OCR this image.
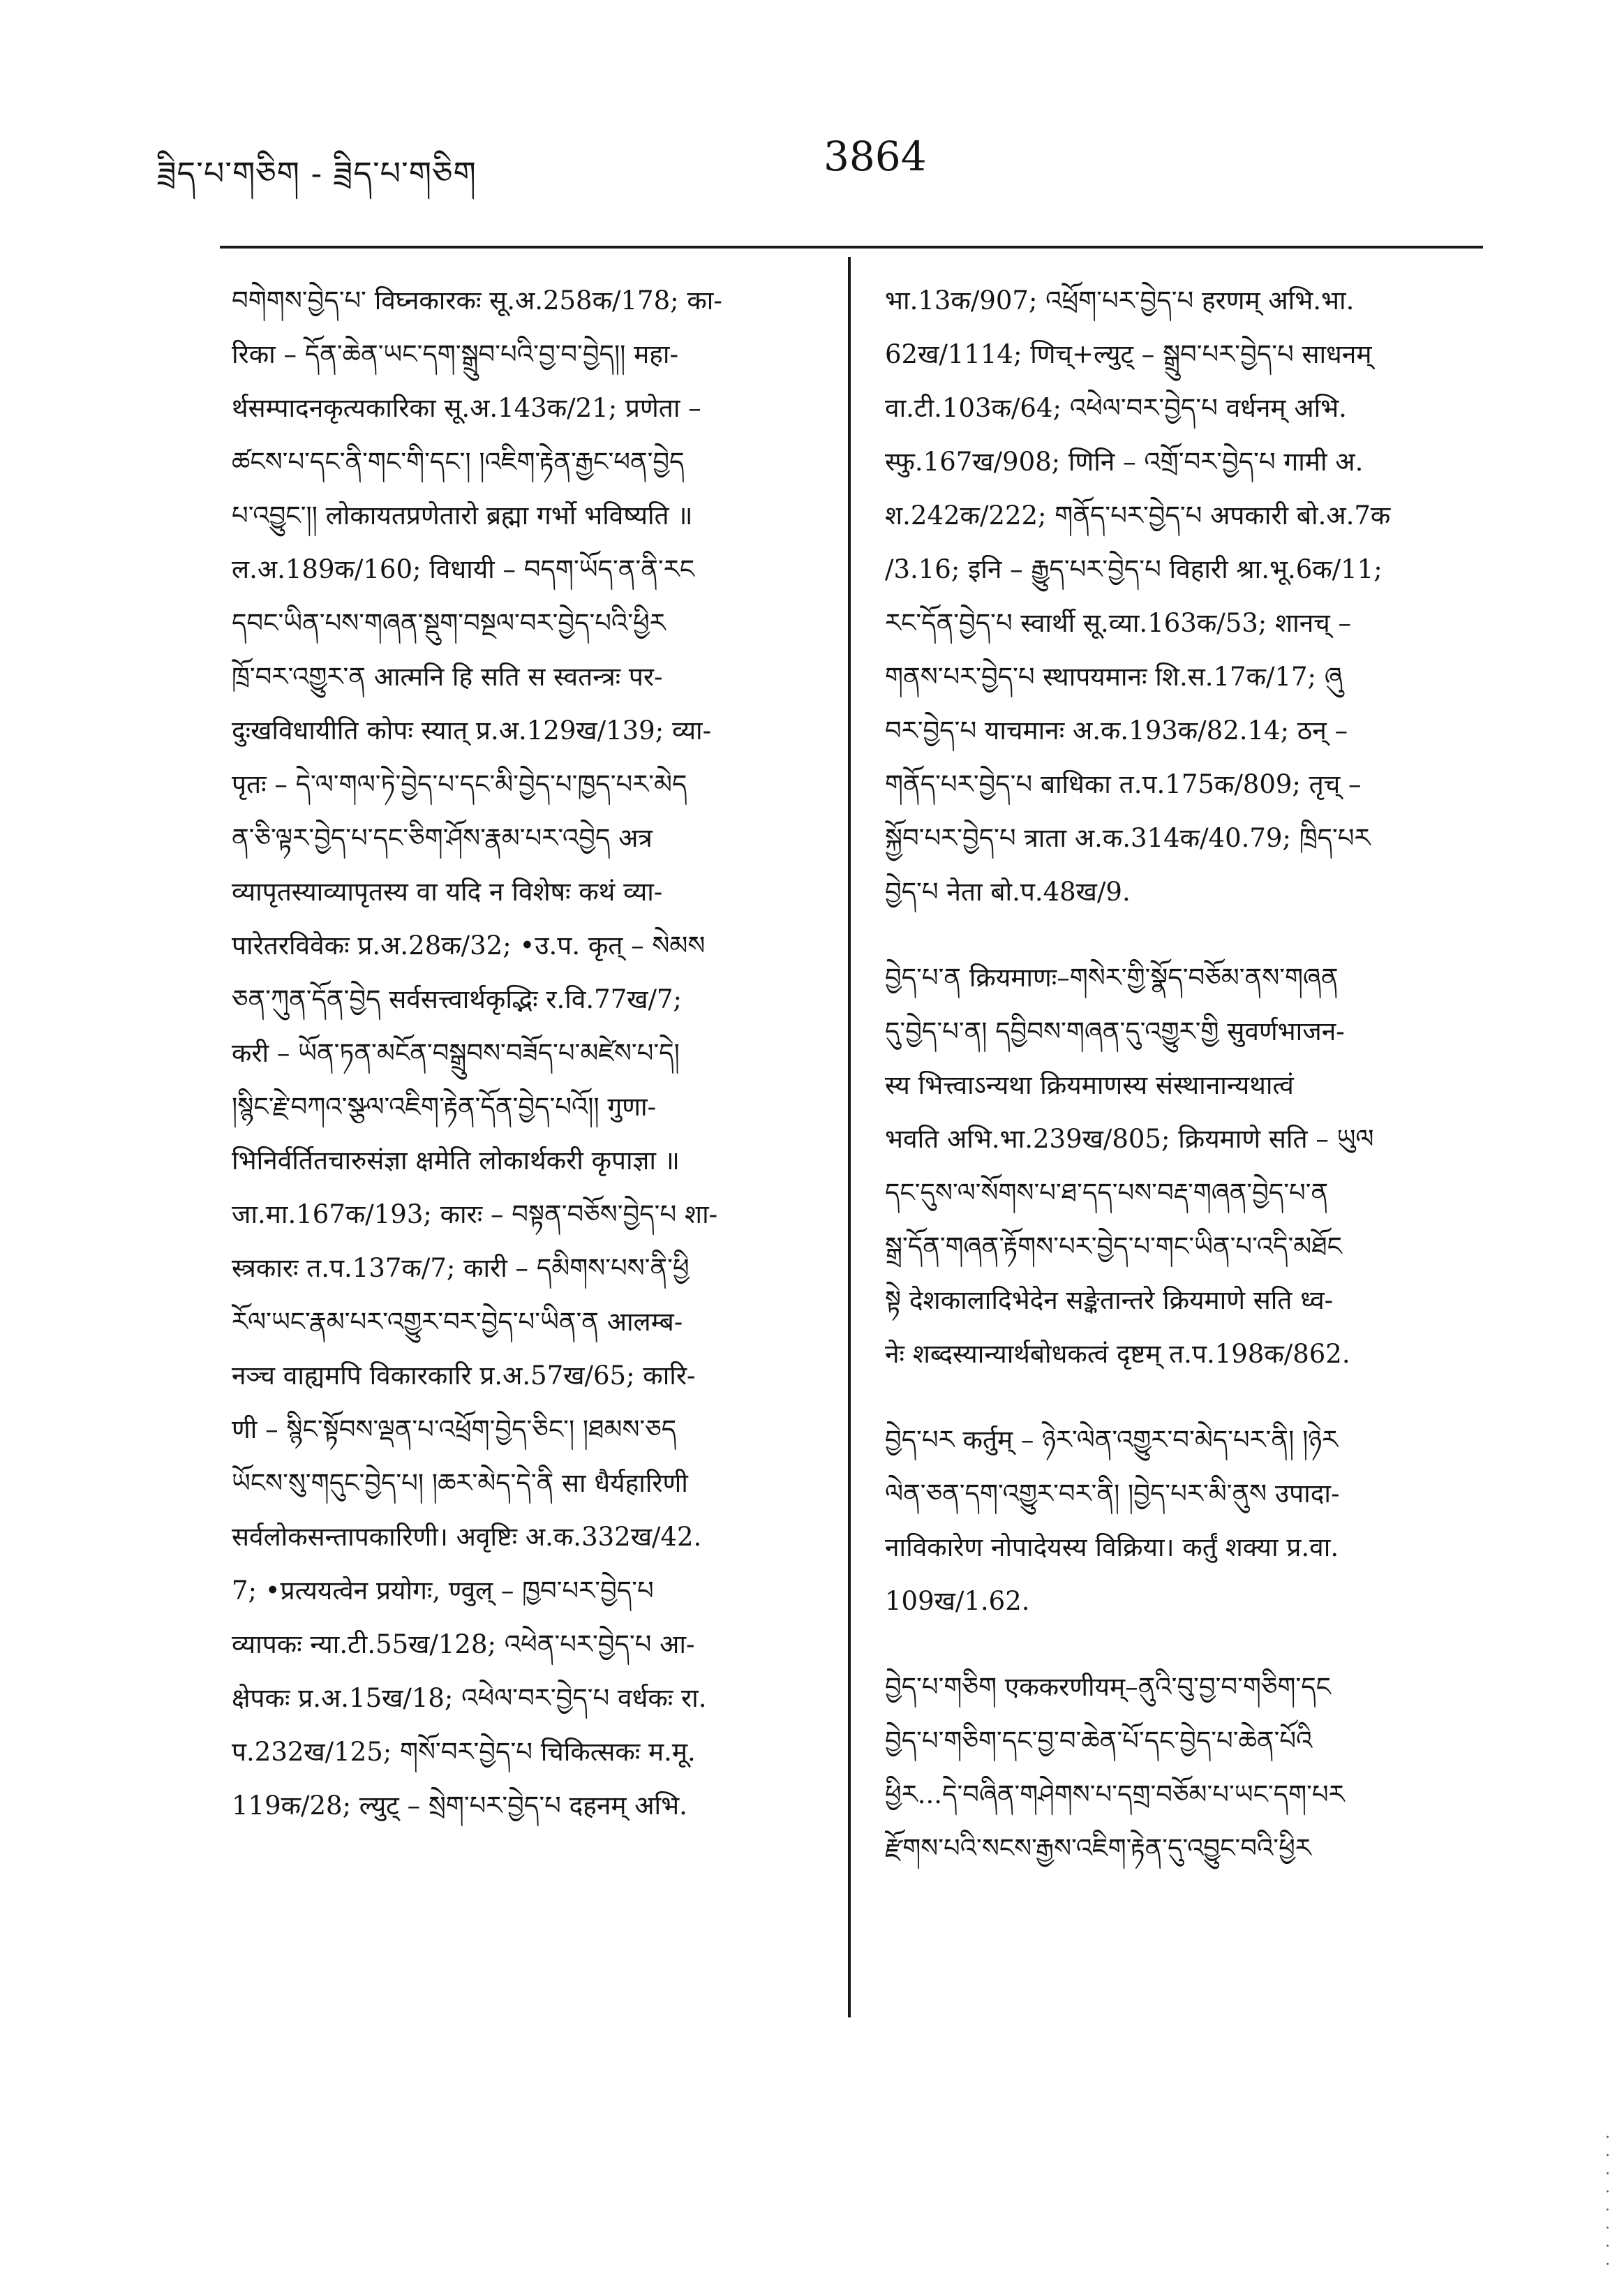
ཟྲིད་པ་གཅིག - ཟྲིད་པ་གཅིག	3864
བགེགས་བྱེད་པ་ विघ्नकारकः सू.अ.258क/178; का-
रिका – དོན་ཆེན་ཡང་དག་སྒྲུབ་པའི་བྱ་བ་བྱེད།། महा-
र्थसम्पादनकृत्यकारिका सू.अ.143क/21; प्रणेता –
ཚངས་པ་དང་ནི་གང་གི་དང་། །འཇིག་རྟེན་རྒྱང་ཕན་བྱེད
པ་འབྱུང་།། लोकायतप्रणेतारो ब्रह्मा गर्भो भविष्यति ॥
ल.अ.189क/160; विधायी – བདག་ཡོད་ན་ནི་རང
དབང་ཡིན་པས་གཞན་སྡུག་བསྔལ་བར་བྱེད་པའི་ཕྱིར
ཁྲོ་བར་འགྱུར་ན आत्मनि हि सति स स्वतन्त्रः पर-
दुःखविधायीति कोपः स्यात् प्र.अ.129ख/139; व्या-
पृतः – དེ་ལ་གལ་ཏེ་བྱེད་པ་དང་མི་བྱེད་པ་ཁྱད་པར་མེད
ན་ཅི་ལྟར་བྱེད་པ་དང་ཅིག་ཤོས་རྣམ་པར་འབྱེད अत्र
व्यापृतस्याव्यापृतस्य वा यदि न विशेषः कथं व्या-
पारेतरविवेकः प्र.अ.28क/32; •उ.प. कृत् – སེམས
ཅན་ཀུན་དོན་བྱེད सर्वसत्त्वार्थकृद्भिः र.वि.77ख/7;
करी – ཡོན་ཏན་མངོན་བསྒྲུབས་བཟོད་པ་མཛེས་པ་དེ།
།སྙིང་རྗེ་བཀའ་སྩལ་འཇིག་རྟེན་དོན་བྱེད་པའོ།། गुणा-
भिनिर्वर्तितचारुसंज्ञा क्षमेति लोकार्थकरी कृपाज्ञा ॥
जा.मा.167क/193; कारः – བསྟན་བཅོས་བྱེད་པ शा-
स्त्रकारः त.प.137क/7; कारी – དམིགས་པས་ནི་ཕྱི
རོལ་ཡང་རྣམ་པར་འགྱུར་བར་བྱེད་པ་ཡིན་ན आलम्ब-
नञ्च वाह्यमपि विकारकारि प्र.अ.57ख/65; कारि-
णी – སྙིང་སྟོབས་ལྡན་པ་འཕྲོག་བྱེད་ཅིང་། །ཐམས་ཅད
ཡོངས་སུ་གདུང་བྱེད་པ། །ཆར་མེད་དེ་ནི सा धैर्यहारिणी
सर्वलोकसन्तापकारिणी। अवृष्टिः अ.क.332ख/42.
7; •प्रत्ययत्वेन प्रयोगः, ण्वुल् – ཁྱབ་པར་བྱེད་པ
व्यापकः न्या.टी.55ख/128; འཕེན་པར་བྱེད་པ आ-
क्षेपकः प्र.अ.15ख/18; འཕེལ་བར་བྱེད་པ वर्धकः रा.
प.232ख/125; གསོ་བར་བྱེད་པ चिकित्सकः म.मू.
119क/28; ल्युट् – སྲེག་པར་བྱེད་པ दहनम् अभि.
भा.13क/907; འཕྲོག་པར་བྱེད་པ हरणम् अभि.भा.
62ख/1114; णिच्+ल्युट् – སྒྲུབ་པར་བྱེད་པ साधनम्
वा.टी.103क/64; འཕེལ་བར་བྱེད་པ वर्धनम् अभि.
स्फु.167ख/908; णिनि – འགྲོ་བར་བྱེད་པ गामी अ.
श.242क/222; གནོད་པར་བྱེད་པ अपकारी बो.अ.7क
/3.16; इनि – རྒྱུད་པར་བྱེད་པ विहारी श्रा.भू.6क/11;
རང་དོན་བྱེད་པ स्वार्थी सू.व्या.163क/53; शानच् –
གནས་པར་བྱེད་པ स्थापयमानः शि.स.17क/17; ཞུ
བར་བྱེད་པ याचमानः अ.क.193क/82.14; ठन् –
གནོད་པར་བྱེད་པ बाधिका त.प.175क/809; तृच् –
སྐྱོབ་པར་བྱེད་པ त्राता अ.क.314क/40.79; ཁྲིད་པར
བྱེད་པ नेता बो.प.48ख/9.
བྱེད་པ་ན क्रियमाणः–གསེར་གྱི་སྣོད་བཅོམ་ནས་གཞན
དུ་བྱེད་པ་ན། དབྱིབས་གཞན་དུ་འགྱུར་གྱི सुवर्णभाजन-
स्य भित्त्वाऽन्यथा क्रियमाणस्य संस्थानान्यथात्वं
भवति अभि.भा.239ख/805; क्रियमाणे सति – ཡུལ
དང་དུས་ལ་སོགས་པ་ཐ་དད་པས་བརྡ་གཞན་བྱེད་པ་ན
སྒྲ་དོན་གཞན་རྟོགས་པར་བྱེད་པ་གང་ཡིན་པ་འདི་མཐོང
སྟེ देशकालादिभेदेन सङ्केतान्तरे क्रियमाणे सति ध्व-
नेः शब्दस्यान्यार्थबोधकत्वं दृष्टम् त.प.198क/862.
བྱེད་པར कर्तुम् – ཉེར་ལེན་འགྱུར་བ་མེད་པར་ནི། །ཉེར
ལེན་ཅན་དག་འགྱུར་བར་ནི། །བྱེད་པར་མི་ནུས उपादा-
नाविकारेण नोपादेयस्य विक्रिया। कर्तुं शक्या प्र.वा.
109ख/1.62.
བྱེད་པ་གཅིག एककरणीयम्–ནུའི་བུ་བྱ་བ་གཅིག་དང
བྱེད་པ་གཅིག་དང་བྱ་བ་ཆེན་པོ་དང་བྱེད་པ་ཆེན་པོའི
ཕྱིར...དེ་བཞིན་གཤེགས་པ་དགྲ་བཅོམ་པ་ཡང་དག་པར
རྫོགས་པའི་སངས་རྒྱས་འཇིག་རྟེན་དུ་འབྱུང་བའི་ཕྱིར
·
·
·
·
·
·
·
·
